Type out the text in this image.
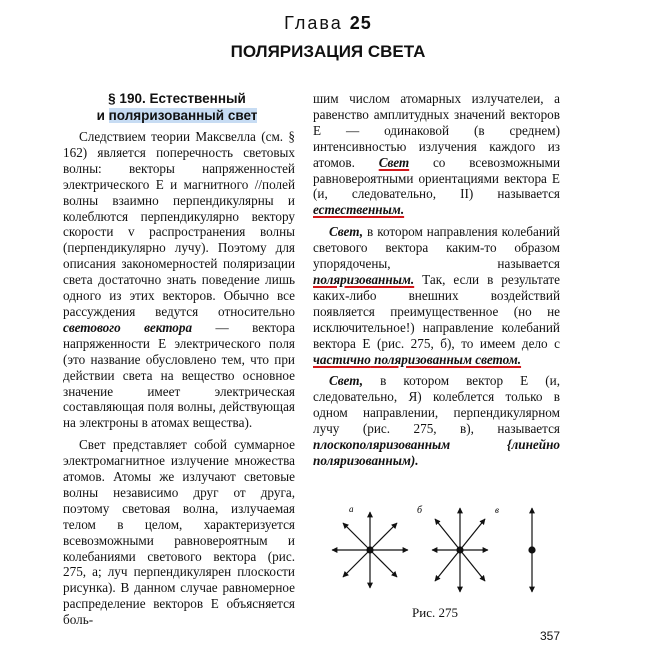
Глава 25
ПОЛЯРИЗАЦИЯ СВЕТА
§ 190. Естественный
и поляризованный свет

Следствием теории Максвелла (см. § 162) является поперечность световых волны: векторы напряженностей электрического E и магнитного //полей волны взаимно перпендикулярны и колеблются перпендикулярно вектору скорости v распространения волны (перпендикулярно лучу). Поэтому для описания закономерностей поляризации света достаточно знать поведение лишь одного из этих векторов. Обычно все рассуждения ведутся относительно светового вектора — вектора напряженности E электрического поля (это название обусловлено тем, что при действии света на вещество основное значение имеет электрическая составляющая поля волны, действующая на электроны в атомах вещества).

Свет представляет собой суммарное электромагнитное излучение множества атомов. Атомы же излучают световые волны независимо друг от друга, поэтому световая волна, излучаемая телом в целом, характеризуется всевозможными равновероятным и колебаниями светового вектора (рис. 275, а; луч перпендикулярен плоскости рисунка). В данном случае равномерное распределение векторов E объясняется боль-

шим числом атомарных излучателеи, а равенство амплитудных значений векторов E — одинаковой (в среднем) интенсивностью излучения каждого из атомов. Свет со всевозможными равновероятными ориентациями вектора E (и, следовательно, II) называется естественным.

Свет, в котором направления колебаний светового вектора каким-то образом упорядочены, называется поляризованным. Так, если в результате каких-либо внешних воздействий появляется преимущественное (но не исключительное!) направление колебаний вектора E (рис. 275, б), то имеем дело с частично поляризованным светом.

Свет, в котором вектор E (и, следовательно, Я) колеблется только в одном направлении, перпендикулярном лучу (рис. 275, в), называется плоскополяризованным {линейно поляризованным).

а	б	в
Рис. 275
357
